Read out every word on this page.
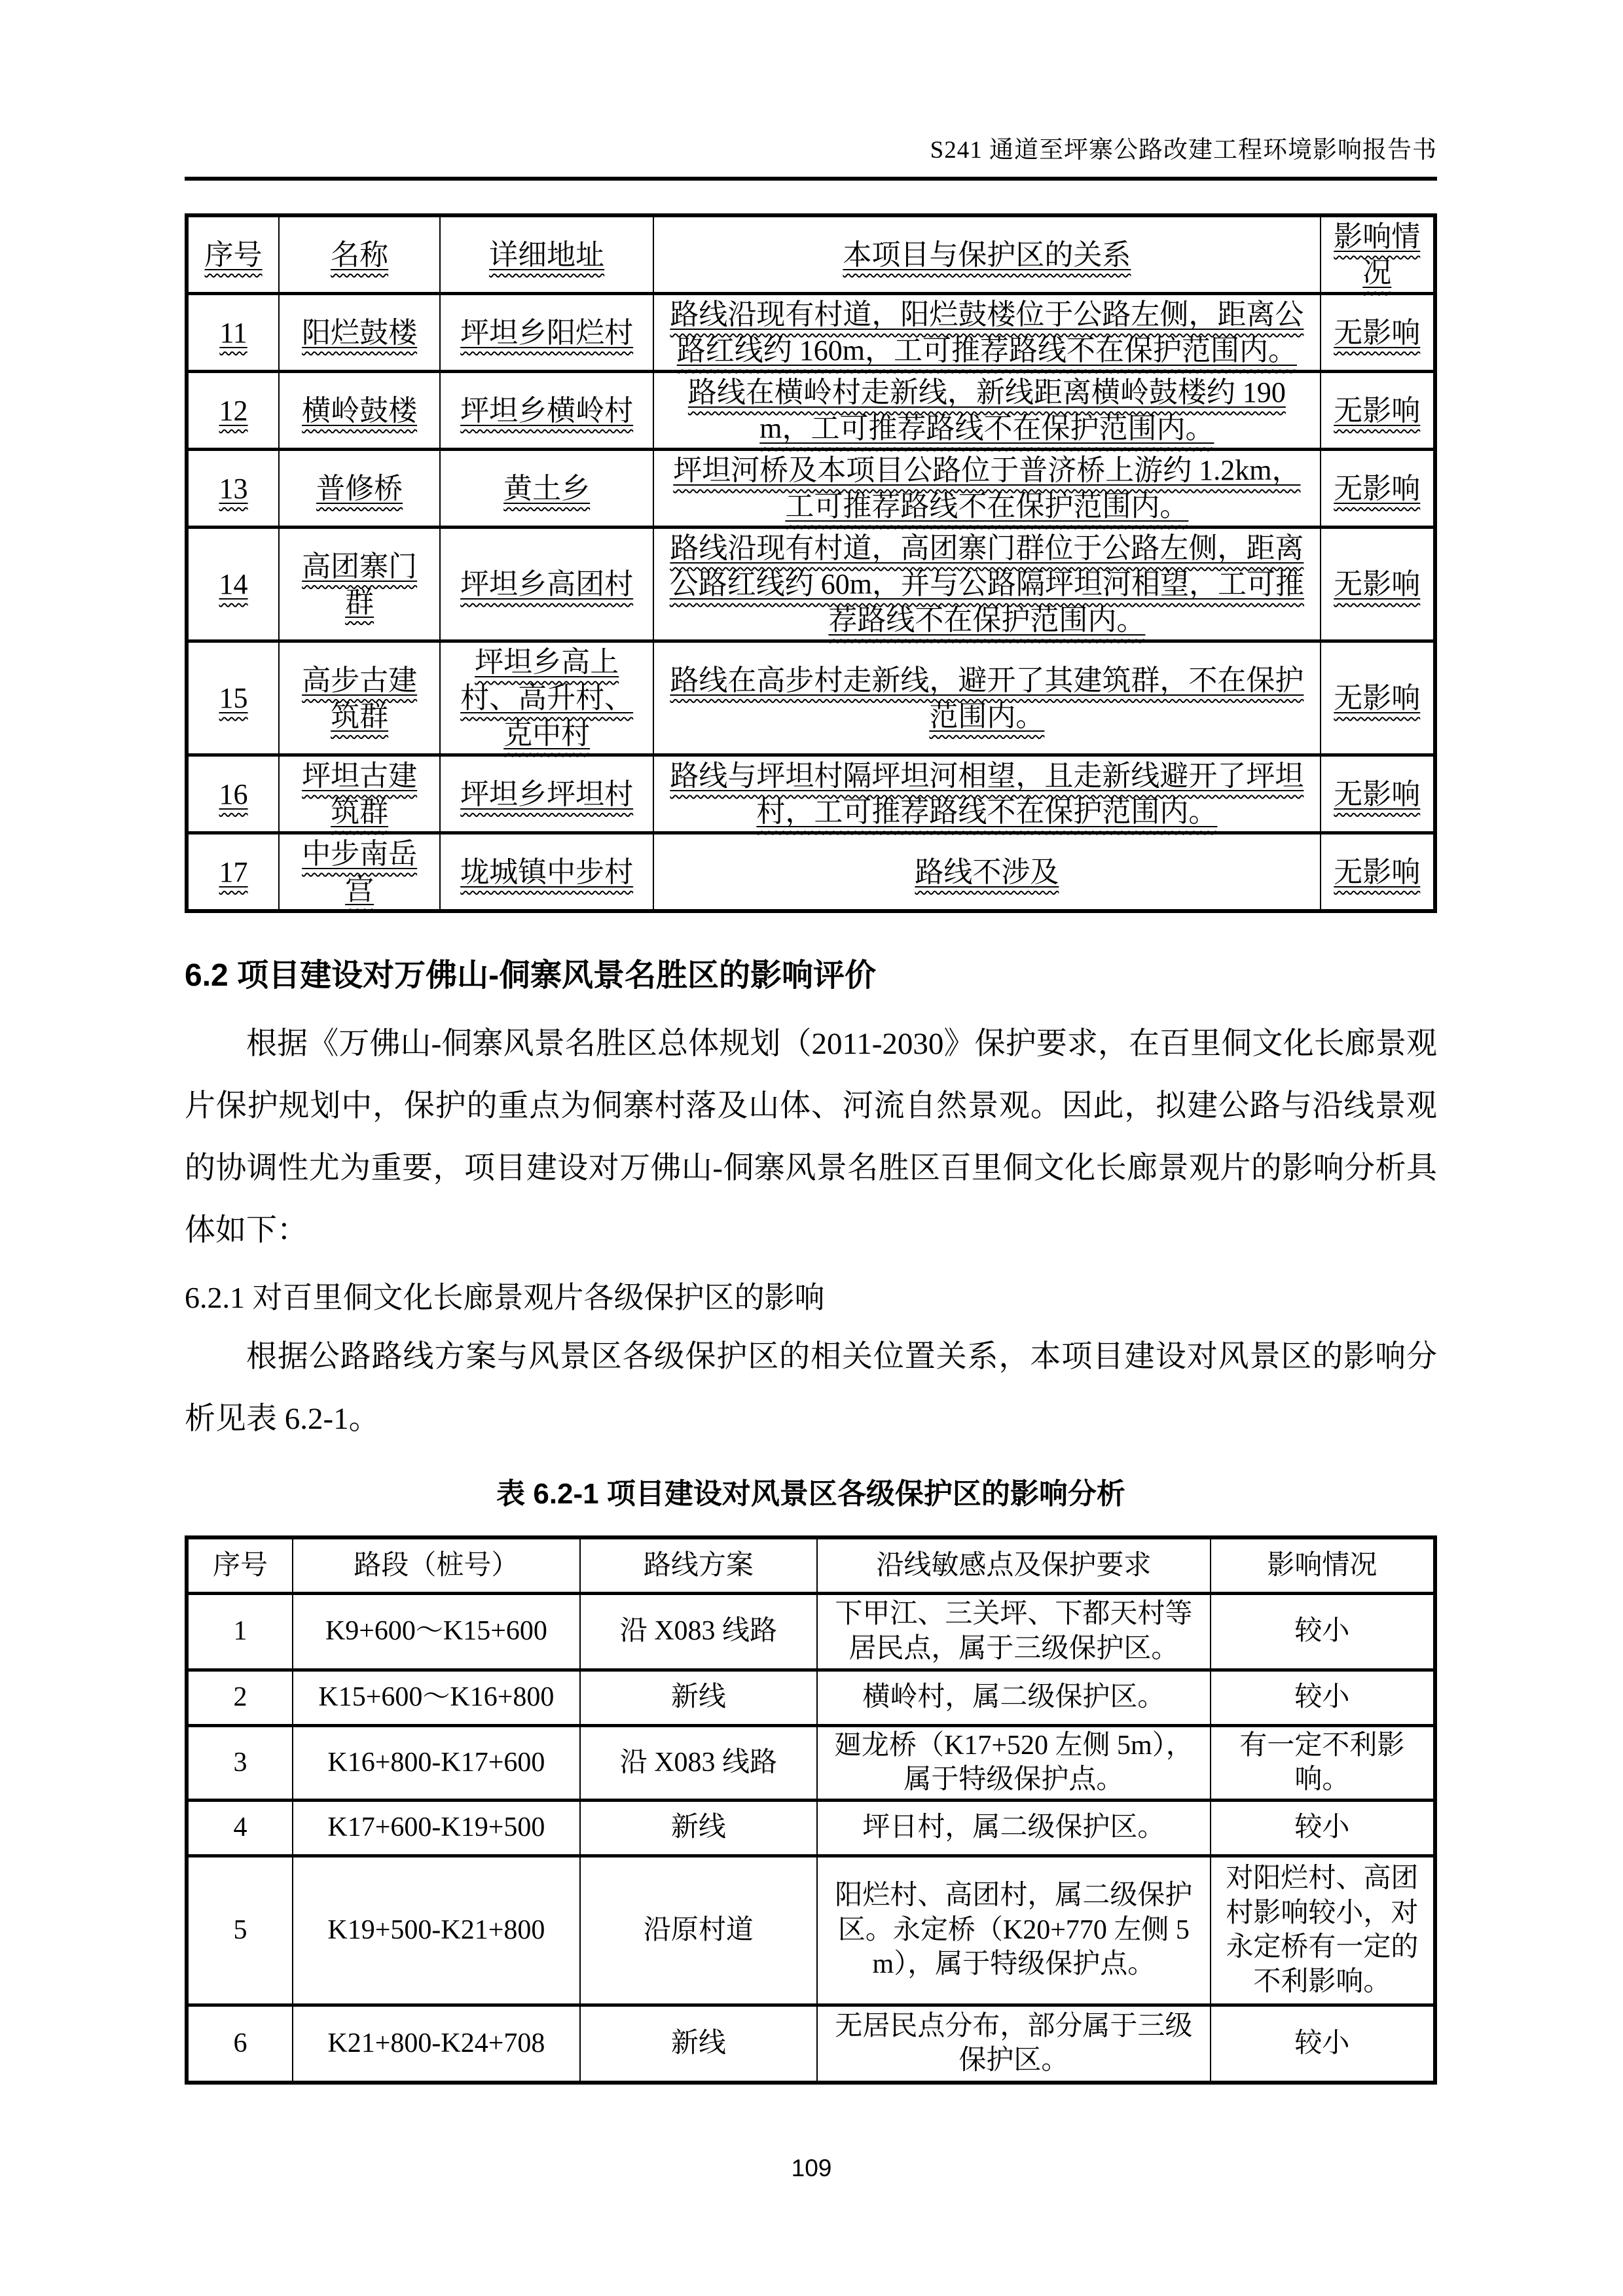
S241 通道至坪寨公路改建工程环境影响报告书
序号	名称	详细地址	本项目与保护区的关系	影响情况
11	阳烂鼓楼	坪坦乡阳烂村	路线沿现有村道，阳烂鼓楼位于公路左侧，距离公路红线约 160m，工可推荐路线不在保护范围内。	无影响
12	横岭鼓楼	坪坦乡横岭村	路线在横岭村走新线，新线距离横岭鼓楼约 190m，工可推荐路线不在保护范围内。	无影响
13	普修桥	黄土乡	坪坦河桥及本项目公路位于普济桥上游约 1.2km，工可推荐路线不在保护范围内。	无影响
14	高团寨门群	坪坦乡高团村	路线沿现有村道，高团寨门群位于公路左侧，距离公路红线约 60m，并与公路隔坪坦河相望，工可推荐路线不在保护范围内。	无影响
15	高步古建筑群	坪坦乡高上村、高升村、克中村	路线在高步村走新线，避开了其建筑群，不在保护范围内。	无影响
16	坪坦古建筑群	坪坦乡坪坦村	路线与坪坦村隔坪坦河相望，且走新线避开了坪坦村，工可推荐路线不在保护范围内。	无影响
17	中步南岳宫	垅城镇中步村	路线不涉及	无影响
6.2 项目建设对万佛山-侗寨风景名胜区的影响评价

根据《万佛山-侗寨风景名胜区总体规划（2011-2030》保护要求，在百里侗文化长廊景观片保护规划中，保护的重点为侗寨村落及山体、河流自然景观。因此，拟建公路与沿线景观的协调性尤为重要，项目建设对万佛山-侗寨风景名胜区百里侗文化长廊景观片的影响分析具体如下：

6.2.1 对百里侗文化长廊景观片各级保护区的影响

根据公路路线方案与风景区各级保护区的相关位置关系，本项目建设对风景区的影响分析见表 6.2-1。

表 6.2-1 项目建设对风景区各级保护区的影响分析
序号	路段（桩号）	路线方案	沿线敏感点及保护要求	影响情况
1	K9+600～K15+600	沿 X083 线路	下甲江、三关坪、下都天村等居民点，属于三级保护区。	较小
2	K15+600～K16+800	新线	横岭村，属二级保护区。	较小
3	K16+800-K17+600	沿 X083 线路	廻龙桥（K17+520 左侧 5m），属于特级保护点。	有一定不利影响。
4	K17+600-K19+500	新线	坪日村，属二级保护区。	较小
5	K19+500-K21+800	沿原村道	阳烂村、高团村，属二级保护区。永定桥（K20+770 左侧 5m），属于特级保护点。	对阳烂村、高团村影响较小，对永定桥有一定的不利影响。
6	K21+800-K24+708	新线	无居民点分布，部分属于三级保护区。	较小
109
